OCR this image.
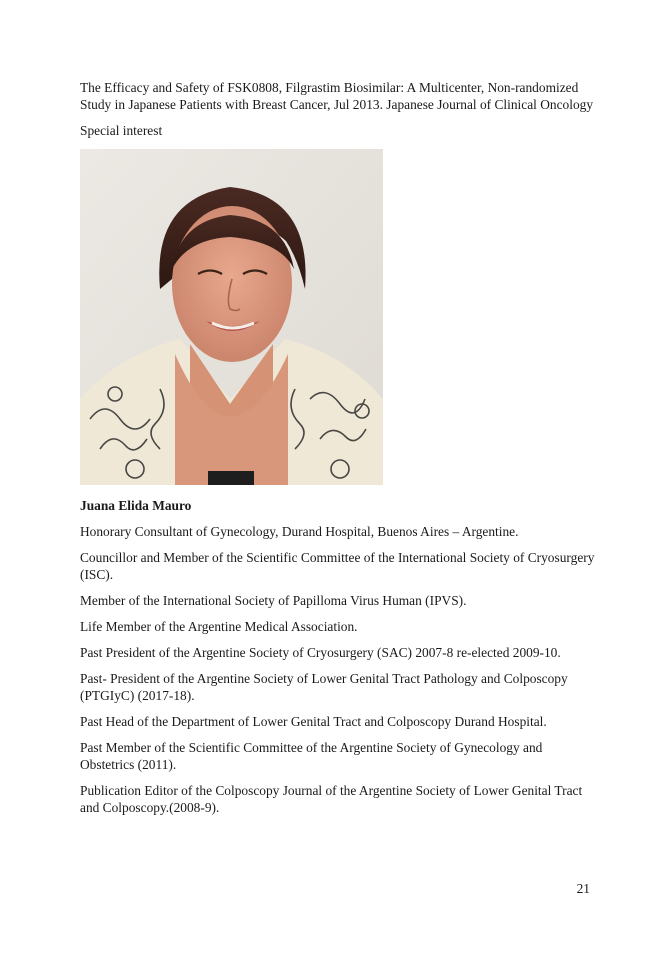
The Efficacy and Safety of FSK0808, Filgrastim Biosimilar: A Multicenter, Non-randomized Study in Japanese Patients with Breast Cancer, Jul 2013. Japanese Journal of Clinical Oncology

Special interest

Juana Elida Mauro

Honorary Consultant of Gynecology, Durand Hospital, Buenos Aires – Argentine.

Councillor and Member of the Scientific Committee of the International Society of Cryosurgery (ISC).

Member of the International Society of Papilloma Virus Human (IPVS).

Life Member of the Argentine Medical Association.

Past President of the Argentine Society of Cryosurgery (SAC) 2007-8 re-elected 2009-10.

Past- President of the Argentine Society of Lower Genital Tract Pathology and Colposcopy (PTGIyC) (2017-18).

Past Head of the Department of Lower Genital Tract and Colposcopy Durand Hospital.

Past Member of the Scientific Committee of the Argentine Society of Gynecology and Obstetrics (2011).

Publication Editor of the Colposcopy Journal of the Argentine Society of Lower Genital Tract and Colposcopy.(2008-9).

21
